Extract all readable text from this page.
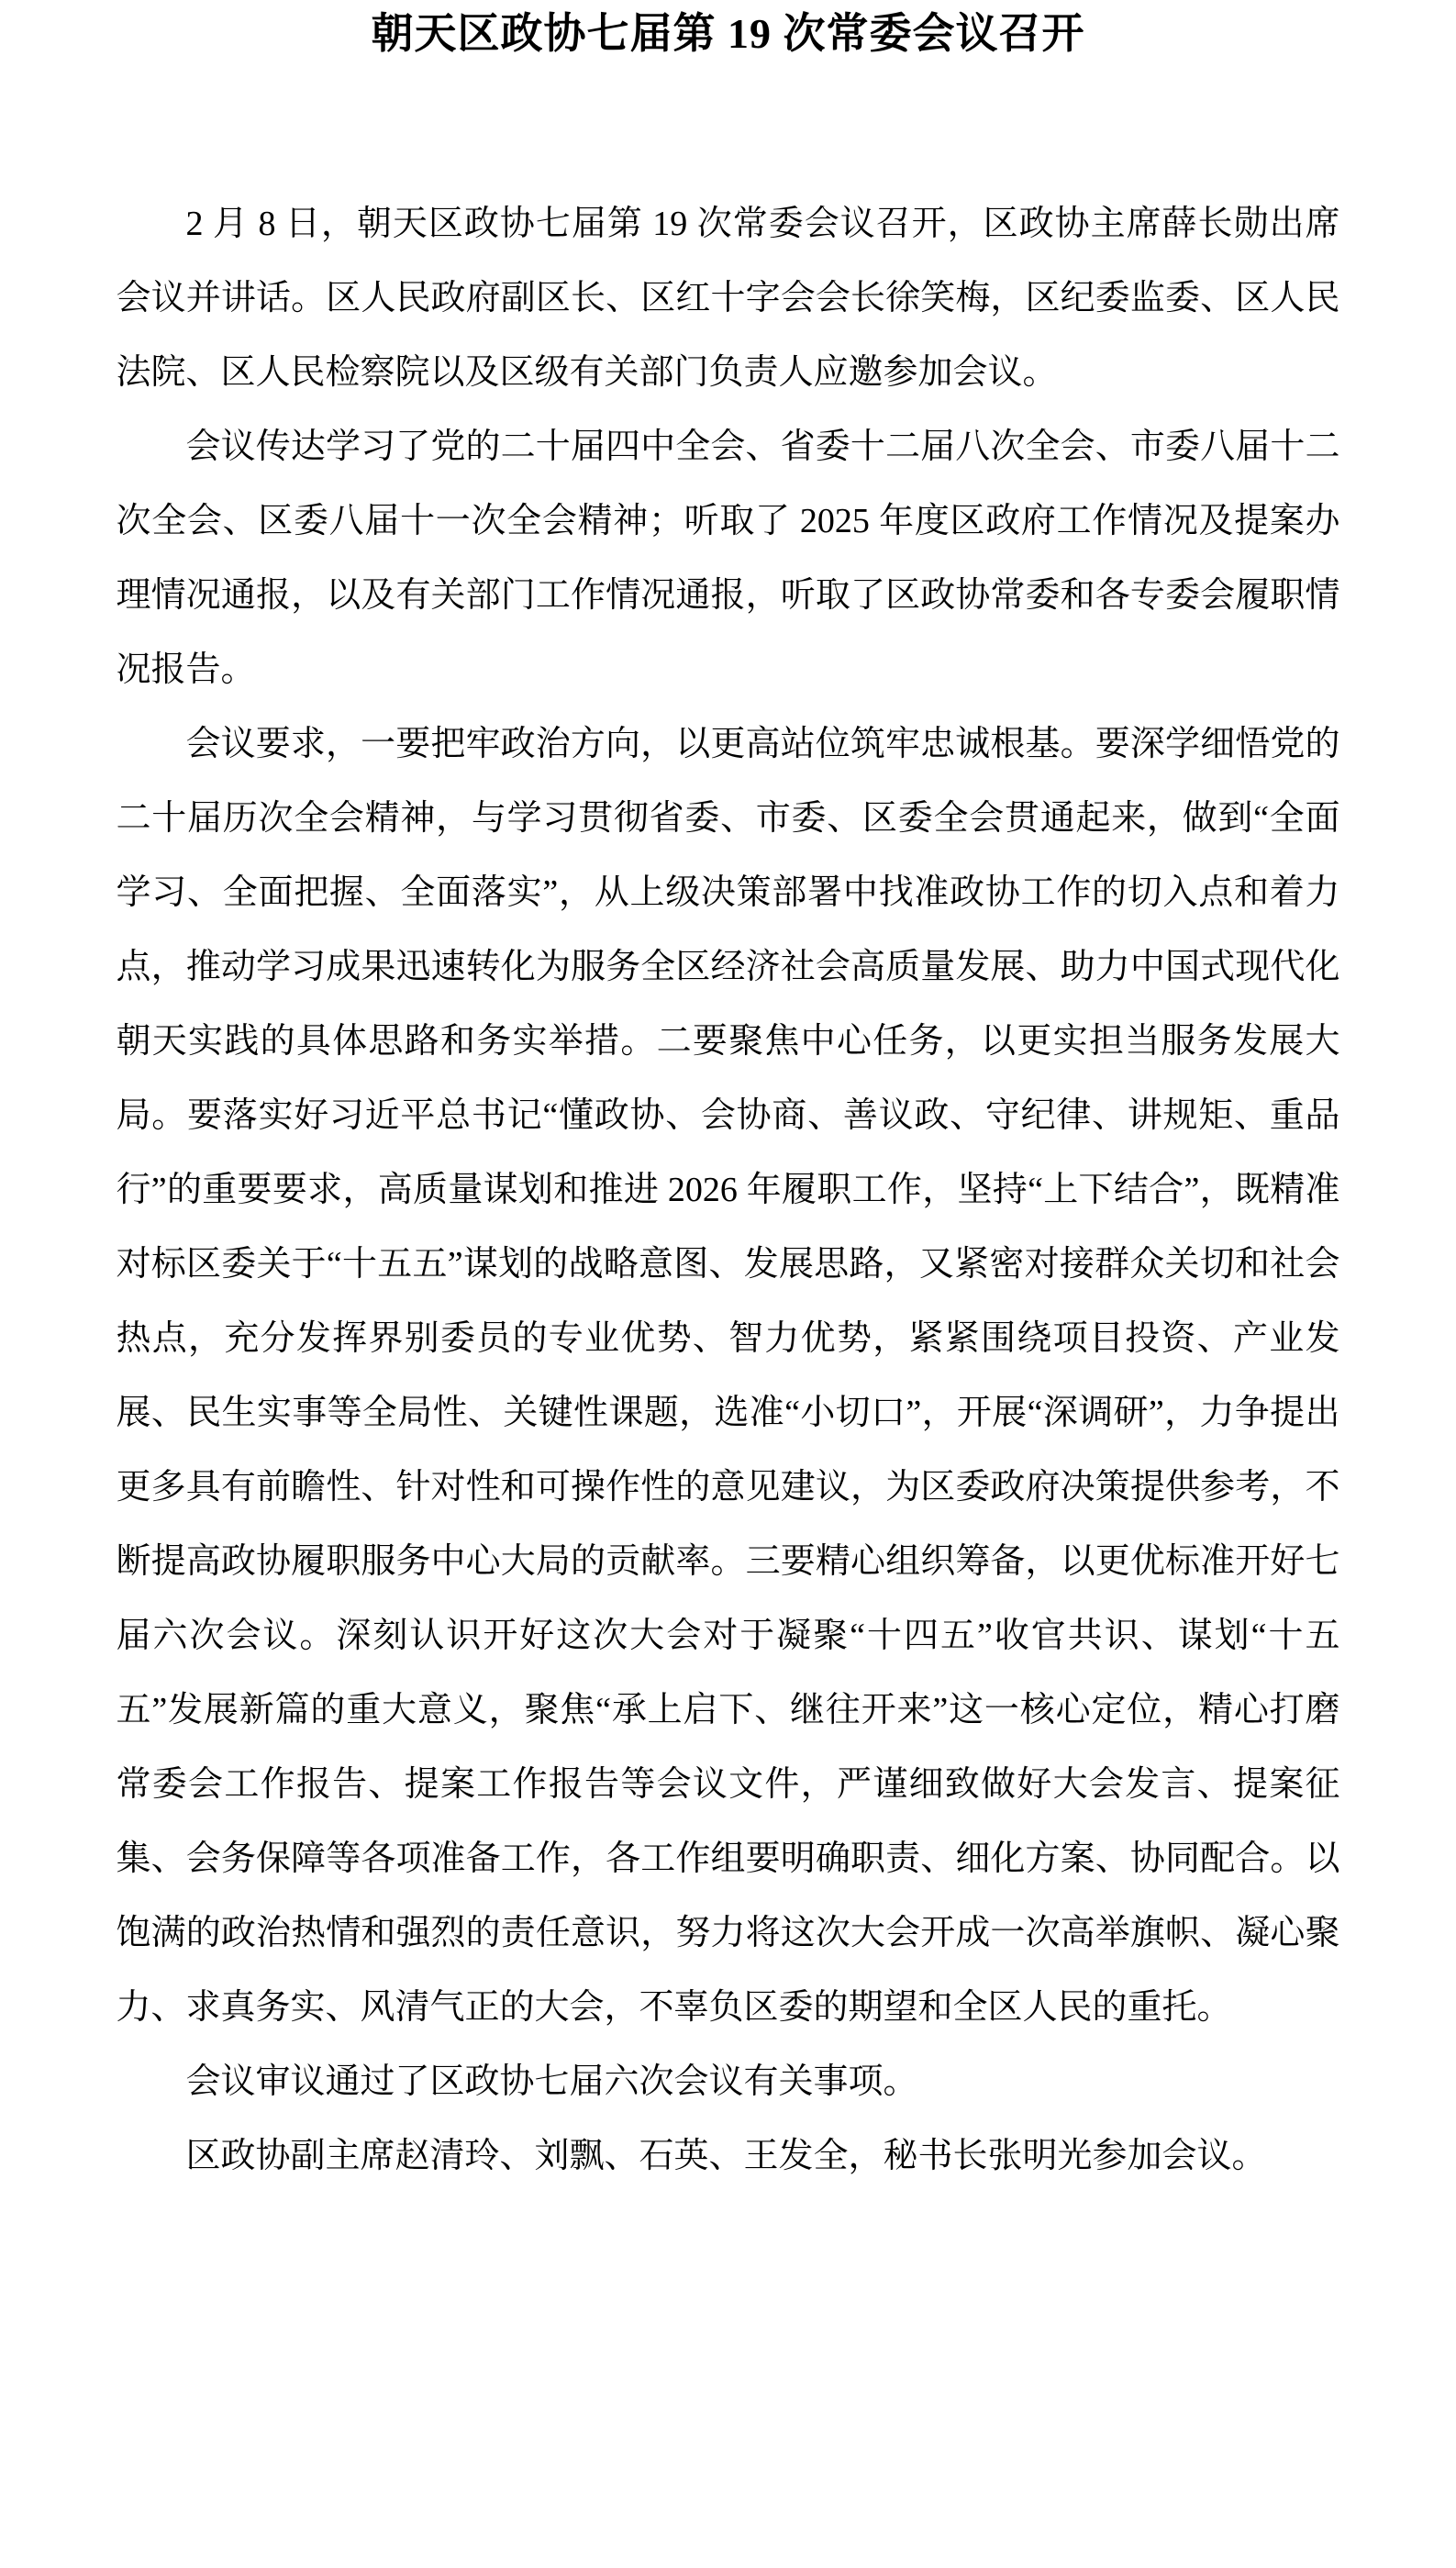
朝天区政协七届第 19 次常委会议召开

2 月 8 日，朝天区政协七届第 19 次常委会议召开，区政协主席薛长勋出席会议并讲话。区人民政府副区长、区红十字会会长徐笑梅，区纪委监委、区人民法院、区人民检察院以及区级有关部门负责人应邀参加会议。

会议传达学习了党的二十届四中全会、省委十二届八次全会、市委八届十二次全会、区委八届十一次全会精神；听取了 2025 年度区政府工作情况及提案办理情况通报，以及有关部门工作情况通报，听取了区政协常委和各专委会履职情况报告。

会议要求，一要把牢政治方向，以更高站位筑牢忠诚根基。要深学细悟党的二十届历次全会精神，与学习贯彻省委、市委、区委全会贯通起来，做到“全面学习、全面把握、全面落实”，从上级决策部署中找准政协工作的切入点和着力点，推动学习成果迅速转化为服务全区经济社会高质量发展、助力中国式现代化朝天实践的具体思路和务实举措。二要聚焦中心任务，以更实担当服务发展大局。要落实好习近平总书记“懂政协、会协商、善议政、守纪律、讲规矩、重品行”的重要要求，高质量谋划和推进 2026 年履职工作，坚持“上下结合”，既精准对标区委关于“十五五”谋划的战略意图、发展思路，又紧密对接群众关切和社会热点，充分发挥界别委员的专业优势、智力优势，紧紧围绕项目投资、产业发展、民生实事等全局性、关键性课题，选准“小切口”，开展“深调研”，力争提出更多具有前瞻性、针对性和可操作性的意见建议，为区委政府决策提供参考，不断提高政协履职服务中心大局的贡献率。三要精心组织筹备，以更优标准开好七届六次会议。深刻认识开好这次大会对于凝聚“十四五”收官共识、谋划“十五五”发展新篇的重大意义，聚焦“承上启下、继往开来”这一核心定位，精心打磨常委会工作报告、提案工作报告等会议文件，严谨细致做好大会发言、提案征集、会务保障等各项准备工作，各工作组要明确职责、细化方案、协同配合。以饱满的政治热情和强烈的责任意识，努力将这次大会开成一次高举旗帜、凝心聚力、求真务实、风清气正的大会，不辜负区委的期望和全区人民的重托。

会议审议通过了区政协七届六次会议有关事项。

区政协副主席赵清玲、刘飘、石英、王发全，秘书长张明光参加会议。
